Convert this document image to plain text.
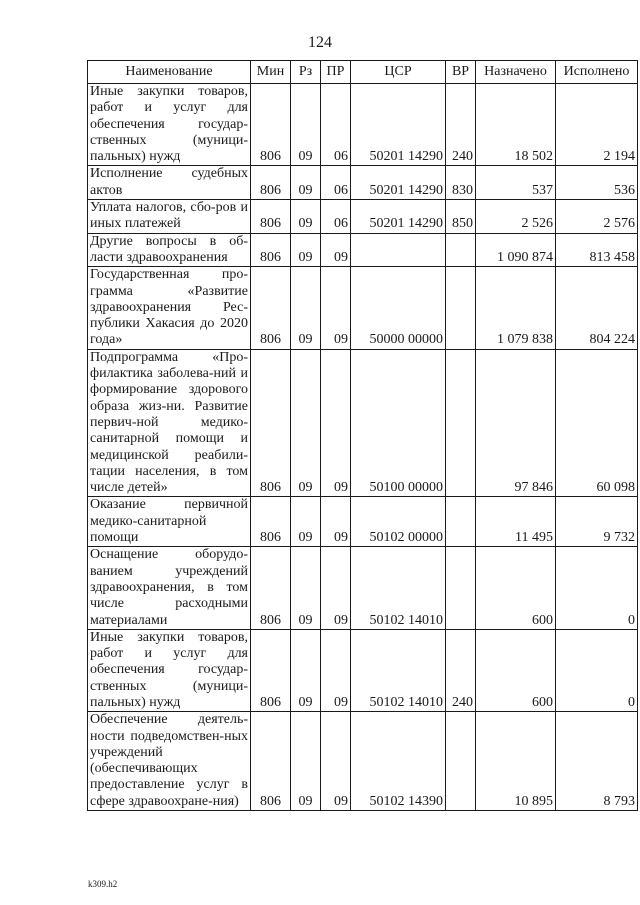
124
Наименование	Мин	Рз	ПР	ЦСР	ВР	Назначено	Исполнено
Иные закупки товаров, работ и услуг для обеспечения государ-ственных (муници-пальных) нужд	806	09	06	50201 14290	240	18 502	2 194
Исполнение судебных актов	806	09	06	50201 14290	830	537	536
Уплата налогов, сбо-ров и иных платежей	806	09	06	50201 14290	850	2 526	2 576
Другие вопросы в об-ласти здравоохранения	806	09	09			1 090 874	813 458
Государственная про-грамма «Развитие здравоохранения Рес-публики Хакасия до 2020 года»	806	09	09	50000 00000		1 079 838	804 224
Подпрограмма «Про-филактика заболева-ний и формирование здорового образа жиз-ни. Развитие первич-ной медико-санитарной помощи и медицинской реабили-тации населения, в том числе детей»	806	09	09	50100 00000		97 846	60 098
Оказание первичной медико-санитарной помощи	806	09	09	50102 00000		11 495	9 732
Оснащение оборудо-ванием учреждений здравоохранения, в том числе расходными материалами	806	09	09	50102 14010		600	0
Иные закупки товаров, работ и услуг для обеспечения государ-ственных (муници-пальных) нужд	806	09	09	50102 14010	240	600	0
Обеспечение деятель-ности подведомствен-ных учреждений (обеспечивающих предоставление услуг в сфере здравоохране-ния)	806	09	09	50102 14390		10 895	8 793
k309.h2
